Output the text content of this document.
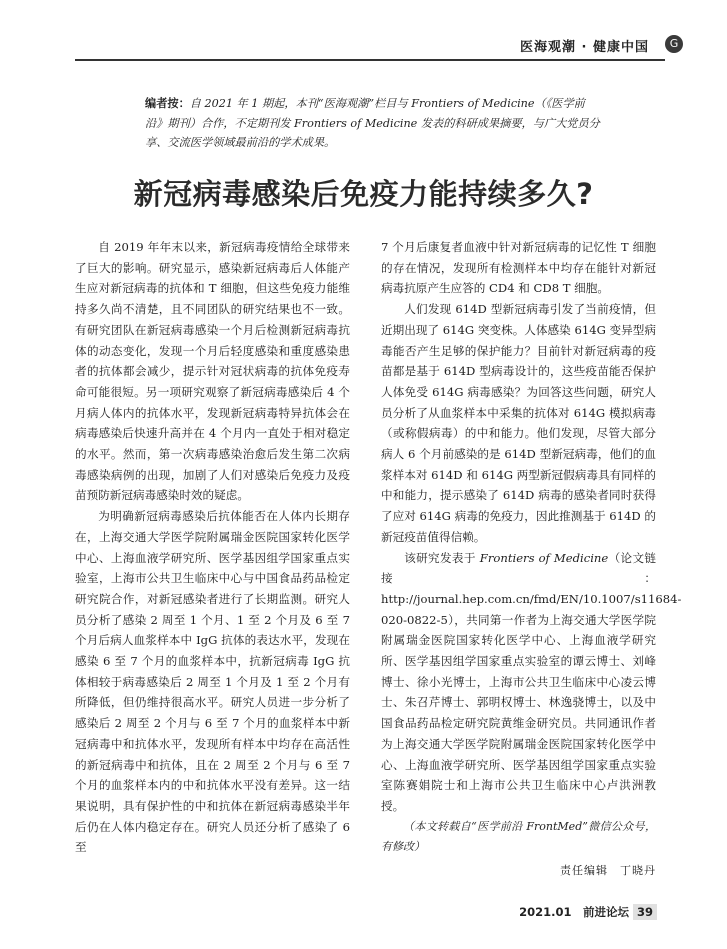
医海观潮 · 健康中国	G
编者按：自 2021 年 1 期起，本刊“医海观潮”栏目与 Frontiers of Medicine（《医学前沿》期刊）合作，不定期刊发 Frontiers of Medicine 发表的科研成果摘要，与广大党员分享、交流医学领域最前沿的学术成果。
新冠病毒感染后免疫力能持续多久?

自 2019 年年末以来，新冠病毒疫情给全球带来了巨大的影响。研究显示，感染新冠病毒后人体能产生应对新冠病毒的抗体和 T 细胞，但这些免疫力能维持多久尚不清楚，且不同团队的研究结果也不一致。有研究团队在新冠病毒感染一个月后检测新冠病毒抗体的动态变化，发现一个月后轻度感染和重度感染患者的抗体都会减少，提示针对冠状病毒的抗体免疫寿命可能很短。另一项研究观察了新冠病毒感染后 4 个月病人体内的抗体水平，发现新冠病毒特异抗体会在病毒感染后快速升高并在 4 个月内一直处于相对稳定的水平。然而，第一次病毒感染治愈后发生第二次病毒感染病例的出现，加剧了人们对感染后免疫力及疫苗预防新冠病毒感染时效的疑虑。

为明确新冠病毒感染后抗体能否在人体内长期存在，上海交通大学医学院附属瑞金医院国家转化医学中心、上海血液学研究所、医学基因组学国家重点实验室，上海市公共卫生临床中心与中国食品药品检定研究院合作，对新冠感染者进行了长期监测。研究人员分析了感染 2 周至 1 个月、1 至 2 个月及 6 至 7 个月后病人血浆样本中 IgG 抗体的表达水平，发现在感染 6 至 7 个月的血浆样本中，抗新冠病毒 IgG 抗体相较于病毒感染后 2 周至 1 个月及 1 至 2 个月有所降低，但仍维持很高水平。研究人员进一步分析了感染后 2 周至 2 个月与 6 至 7 个月的血浆样本中新冠病毒中和抗体水平，发现所有样本中均存在高活性的新冠病毒中和抗体，且在 2 周至 2 个月与 6 至 7 个月的血浆样本内的中和抗体水平没有差异。这一结果说明，具有保护性的中和抗体在新冠病毒感染半年后仍在人体内稳定存在。研究人员还分析了感染了 6 至

7 个月后康复者血液中针对新冠病毒的记忆性 T 细胞的存在情况，发现所有检测样本中均存在能针对新冠病毒抗原产生应答的 CD4 和 CD8 T 细胞。

人们发现 614D 型新冠病毒引发了当前疫情，但近期出现了 614G 突变株。人体感染 614G 变异型病毒能否产生足够的保护能力？目前针对新冠病毒的疫苗都是基于 614D 型病毒设计的，这些疫苗能否保护人体免受 614G 病毒感染？为回答这些问题，研究人员分析了从血浆样本中采集的抗体对 614G 模拟病毒（或称假病毒）的中和能力。他们发现，尽管大部分病人 6 个月前感染的是 614D 型新冠病毒，他们的血浆样本对 614D 和 614G 两型新冠假病毒具有同样的中和能力，提示感染了 614D 病毒的感染者同时获得了应对 614G 病毒的免疫力，因此推测基于 614D 的新冠疫苗值得信赖。

该研究发表于 Frontiers of Medicine（论文链接：http://journal.hep.com.cn/fmd/EN/10.1007/s11684-020-0822-5），共同第一作者为上海交通大学医学院附属瑞金医院国家转化医学中心、上海血液学研究所、医学基因组学国家重点实验室的谭云博士、刘峰博士、徐小光博士，上海市公共卫生临床中心凌云博士、朱召芹博士、郭明权博士、林逸骁博士，以及中国食品药品检定研究院黄维金研究员。共同通讯作者为上海交通大学医学院附属瑞金医院国家转化医学中心、上海血液学研究所、医学基因组学国家重点实验室陈赛娟院士和上海市公共卫生临床中心卢洪洲教授。

（本文转载自“医学前沿 FrontMed”微信公众号，有修改）

责任编辑　丁晓丹
2021.01　前进论坛 39
